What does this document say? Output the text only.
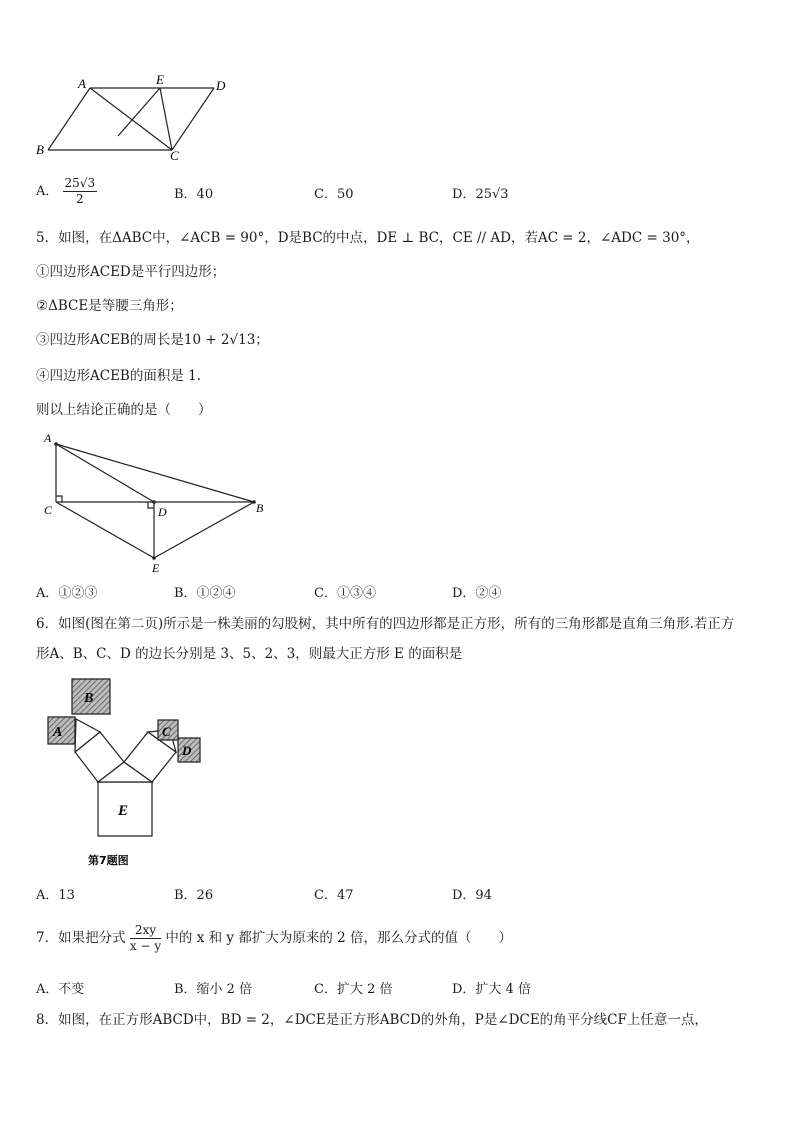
A	E	D
B	C
A． $\frac{25√3}{2}$	B．40	C．50	D．25√3
5．如图，在ΔABC中，∠ACB = 90°，D是BC的中点，DE ⊥ BC，CE // AD，若AC = 2，∠ADC = 30°，
①四边形ACED是平行四边形；
②ΔBCE是等腰三角形；
③四边形ACEB的周长是10 + 2√13；
④四边形ACEB的面积是 1．
则以上结论正确的是（　　）
A
C	D	B
E
A．①②③	B．①②④	C．①③④	D．②④
6．如图(图在第二页)所示是一株美丽的勾股树，其中所有的四边形都是正方形，所有的三角形都是直角三角形.若正方
形A、B、C、D 的边长分别是 3、5、2、3，则最大正方形 E 的面积是
A
B
C
D
E
第7题图
A．13	B．26	C．47	D．94
7．如果把分式 $\frac{2xy}{x - y}$ 中的 x 和 y 都扩大为原来的 2 倍，那么分式的值（　　）
A．不变	B．缩小 2 倍	C．扩大 2 倍	D．扩大 4 倍
8．如图，在正方形ABCD中，BD = 2，∠DCE是正方形ABCD的外角，P是∠DCE的角平分线CF上任意一点，
